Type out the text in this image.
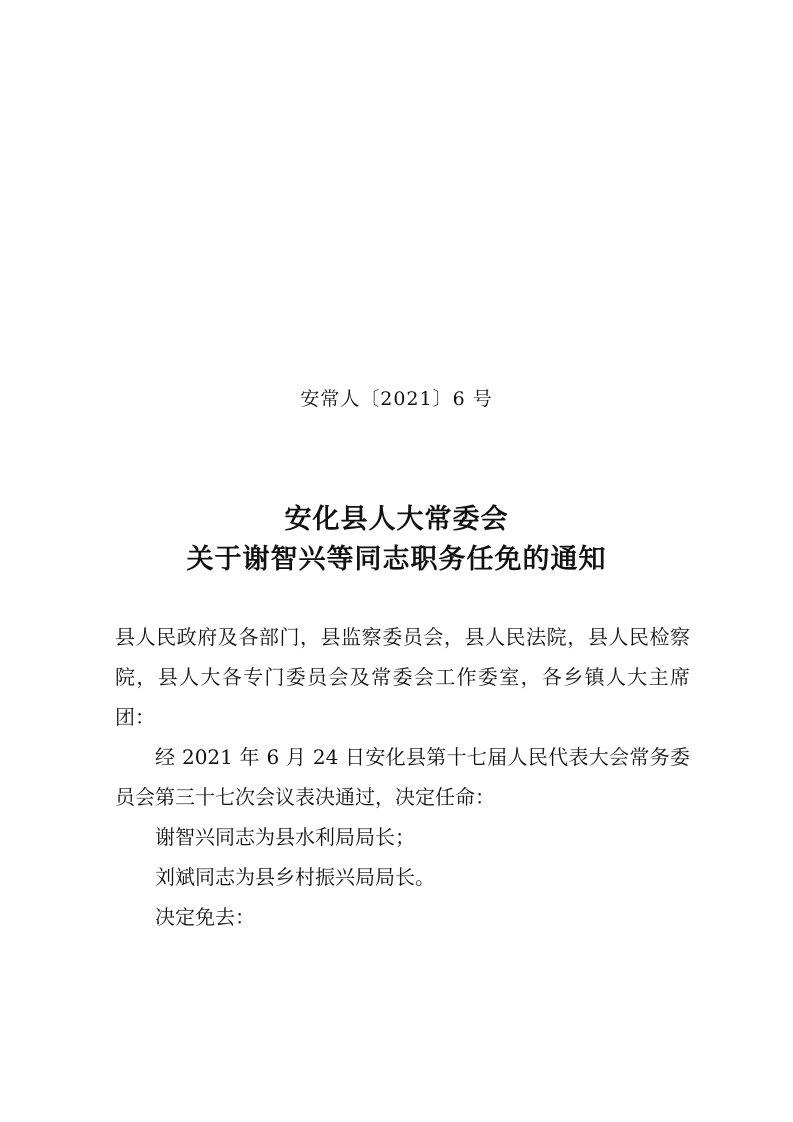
安常人〔2021〕6 号
安化县人大常委会
关于谢智兴等同志职务任免的通知

县人民政府及各部门，县监察委员会，县人民法院，县人民检察院，县人大各专门委员会及常委会工作委室，各乡镇人大主席团：

经 2021 年 6 月 24 日安化县第十七届人民代表大会常务委员会第三十七次会议表决通过，决定任命：

谢智兴同志为县水利局局长；

刘斌同志为县乡村振兴局局长。

决定免去：
